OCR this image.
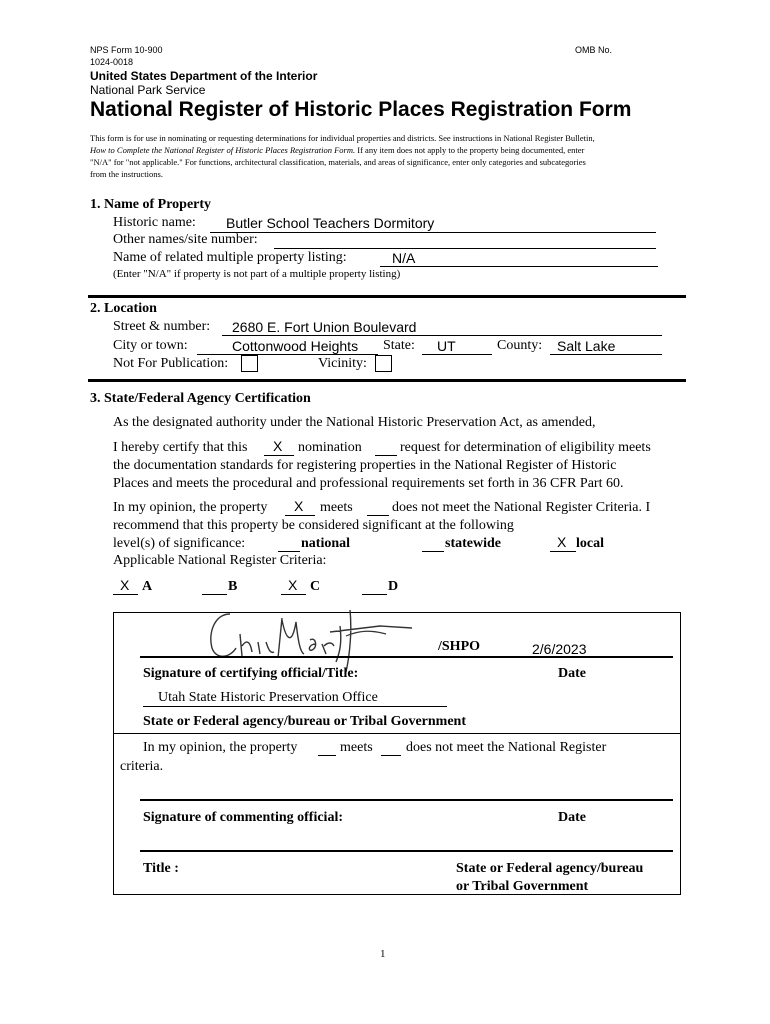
NPS Form 10-900	OMB No.
1024-0018
United States Department of the Interior
National Park Service
National Register of Historic Places Registration Form
This form is for use in nominating or requesting determinations for individual properties and districts. See instructions in National Register Bulletin,
How to Complete the National Register of Historic Places Registration Form. If any item does not apply to the property being documented, enter
"N/A" for "not applicable." For functions, architectural classification, materials, and areas of significance, enter only categories and subcategories
from the instructions.
1. Name of Property
Historic name: Butler School Teachers Dormitory
Other names/site number:
Name of related multiple property listing:	N/A
(Enter "N/A" if property is not part of a multiple property listing)
2. Location
Street & number: 2680 E. Fort Union Boulevard
City or town:	Cottonwood Heights State: UT	County: Salt Lake
Not For Publication:	Vicinity:
3. State/Federal Agency Certification
As the designated authority under the National Historic Preservation Act, as amended,
I hereby certify that this X nomination	request for determination of eligibility meets
the documentation standards for registering properties in the National Register of Historic
Places and meets the procedural and professional requirements set forth in 36 CFR Part 60.
In my opinion, the property X meets	does not meet the National Register Criteria. I
recommend that this property be considered significant at the following
level(s) of significance:	national	statewide	X local
Applicable National Register Criteria:
X A	B	X C	D
/SHPO	2/6/2023
Signature of certifying official/Title:	Date
Utah State Historic Preservation Office
State or Federal agency/bureau or Tribal Government
In my opinion, the property	meets does not meet the National Register
criteria.
Signature of commenting official:	Date
Title :	State or Federal agency/bureau
or Tribal Government
1
